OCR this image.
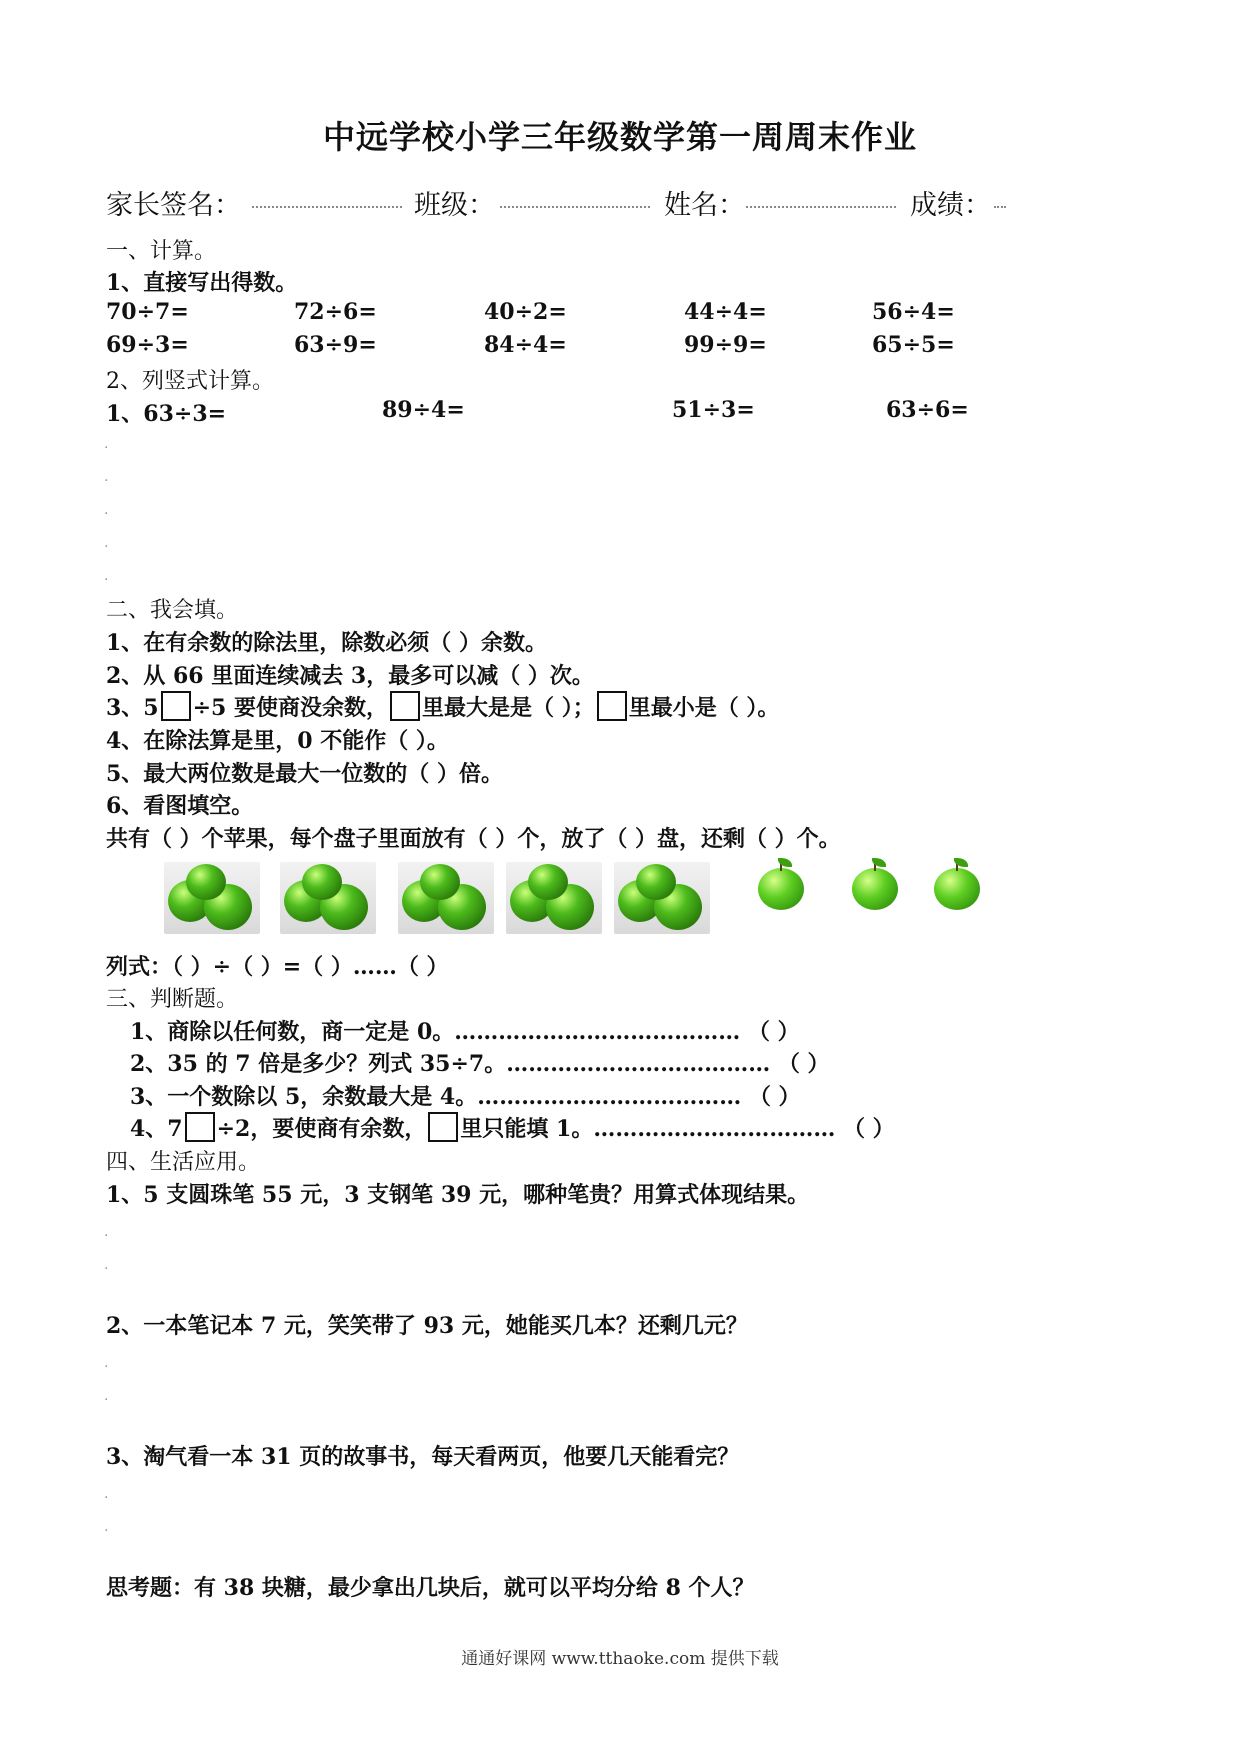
中远学校小学三年级数学第一周周末作业
家长签名：	班级：	姓名：	成绩：
一、计算。
1、直接写出得数。
70÷7=	72÷6=	40÷2=	44÷4=	56÷4=
69÷3=	63÷9=	84÷4=	99÷9=	65÷5=
2、列竖式计算。
1、63÷3=	89÷4=	51÷3=	63÷6=
.
.
.
.
.
二、我会填。
1、在有余数的除法里，除数必须（ ）余数。
2、从 66 里面连续减去 3，最多可以减（ ）次。
3、5 ÷5 要使商没余数， 里最大是是（ ）； 里最小是（ ）。
4、在除法算是里，0 不能作（ ）。
5、最大两位数是最大一位数的（ ）倍。
6、看图填空。
共有（ ）个苹果，每个盘子里面放有（ ）个，放了（ ）盘，还剩（ ）个。
列式：（ ）÷（ ）=（ ）……（ ）
三、判断题。
1、商除以任何数，商一定是 0。………………………………… （ ）
2、35 的 7 倍是多少？列式 35÷7。……………………………… （ ）
3、一个数除以 5，余数最大是 4。……………………………… （ ）
4、7 ÷2，要使商有余数， 里只能填 1。…………………………… （ ）
四、生活应用。
1、5 支圆珠笔 55 元，3 支钢笔 39 元，哪种笔贵？用算式体现结果。
.
.
2、一本笔记本 7 元，笑笑带了 93 元，她能买几本？还剩几元？
.
.
3、淘气看一本 31 页的故事书，每天看两页，他要几天能看完？
.
.
思考题：有 38 块糖，最少拿出几块后，就可以平均分给 8 个人？
通通好课网 www.tthaoke.com 提供下载
